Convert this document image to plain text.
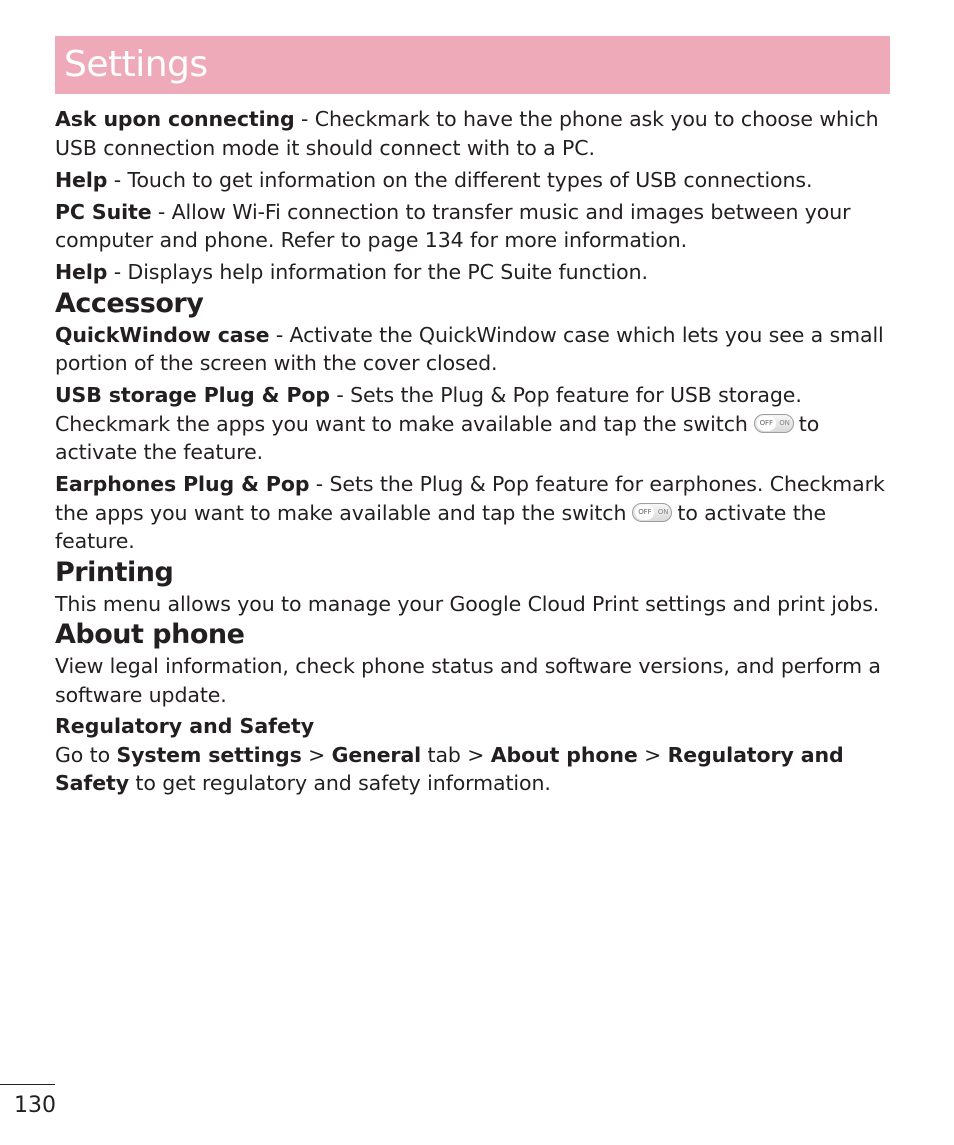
Settings

Ask upon connecting - Checkmark to have the phone ask you to choose which USB connection mode it should connect with to a PC.

Help - Touch to get information on the different types of USB connections.

PC Suite - Allow Wi-Fi connection to transfer music and images between your computer and phone. Refer to page 134 for more information.

Help - Displays help information for the PC Suite function.

Accessory

QuickWindow case - Activate the QuickWindow case which lets you see a small portion of the screen with the cover closed.

USB storage Plug & Pop - Sets the Plug & Pop feature for USB storage. Checkmark the apps you want to make available and tap the switch	OFF ON to activate the feature.

Earphones Plug & Pop - Sets the Plug & Pop feature for earphones. Checkmark the apps you want to make available and tap the switch	OFF ON to activate the feature.

Printing

This menu allows you to manage your Google Cloud Print settings and print jobs.

About phone

View legal information, check phone status and software versions, and perform a software update.

Regulatory and Safety

Go to System settings > General tab > About phone > Regulatory and Safety to get regulatory and safety information.

130
